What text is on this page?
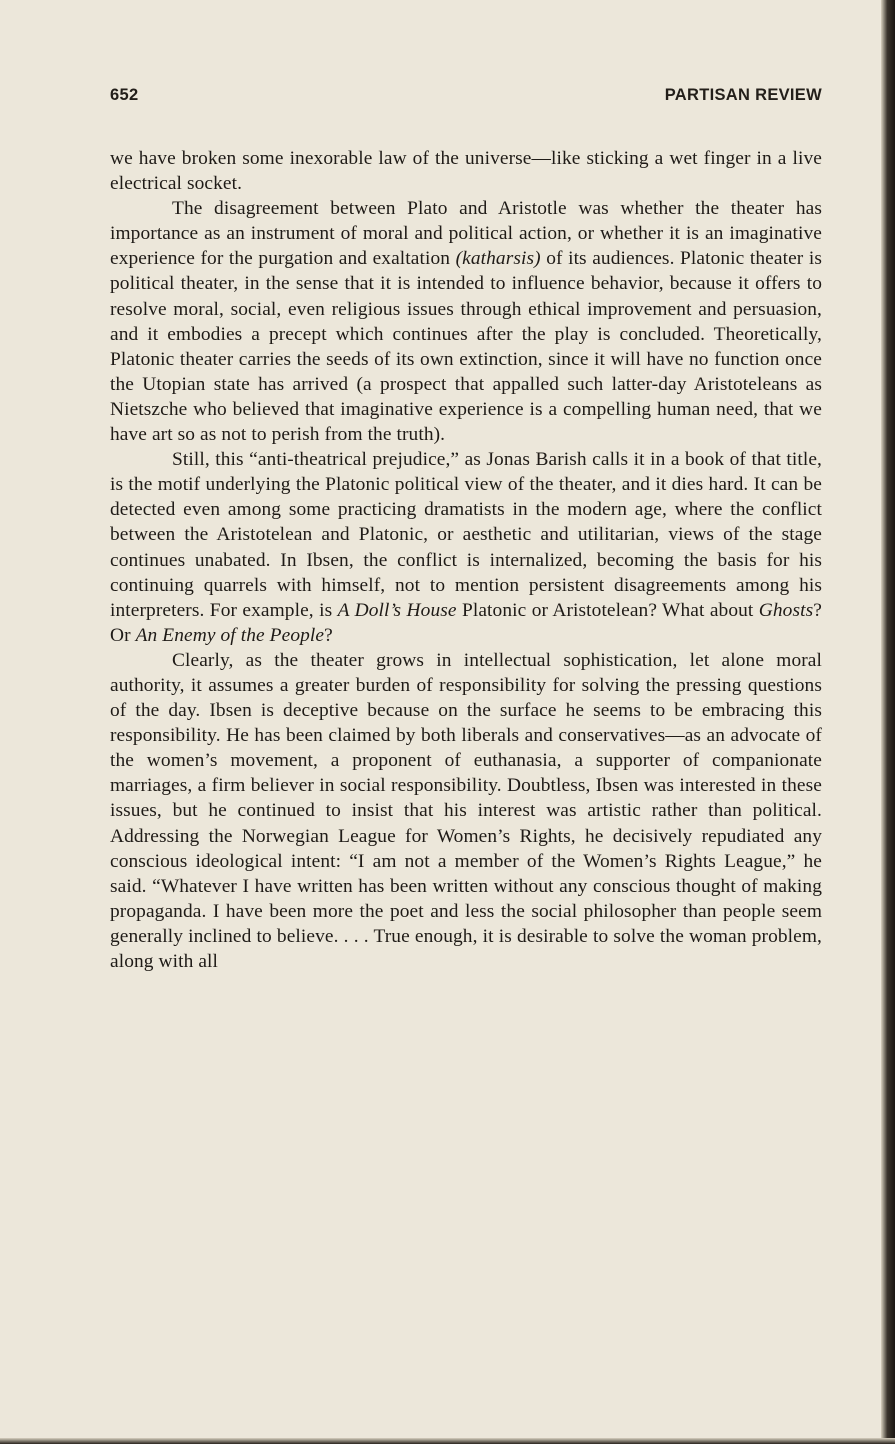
652	PARTISAN REVIEW

we have broken some inexorable law of the universe—like sticking a wet finger in a live electrical socket.

The disagreement between Plato and Aristotle was whether the theater has importance as an instrument of moral and political action, or whether it is an imaginative experience for the purgation and exaltation (katharsis) of its audiences. Platonic theater is political theater, in the sense that it is intended to influence behavior, because it offers to resolve moral, social, even religious issues through ethical improvement and persuasion, and it embodies a precept which continues after the play is concluded. Theoretically, Platonic theater carries the seeds of its own extinction, since it will have no function once the Utopian state has arrived (a prospect that appalled such latter-day Aristoteleans as Nietszche who believed that imaginative experience is a compelling human need, that we have art so as not to perish from the truth).

Still, this “anti-theatrical prejudice,” as Jonas Barish calls it in a book of that title, is the motif underlying the Platonic political view of the theater, and it dies hard. It can be detected even among some practicing dramatists in the modern age, where the conflict between the Aristotelean and Platonic, or aesthetic and utilitarian, views of the stage continues unabated. In Ibsen, the conflict is internalized, becoming the basis for his continuing quarrels with himself, not to mention persistent disagreements among his interpreters. For example, is A Doll’s House Platonic or Aristotelean? What about Ghosts? Or An Enemy of the People?

Clearly, as the theater grows in intellectual sophistication, let alone moral authority, it assumes a greater burden of responsibility for solving the pressing questions of the day. Ibsen is deceptive because on the surface he seems to be embracing this responsibility. He has been claimed by both liberals and conservatives—as an advocate of the women’s movement, a proponent of euthanasia, a supporter of companionate marriages, a firm believer in social responsibility. Doubtless, Ibsen was interested in these issues, but he continued to insist that his interest was artistic rather than political. Addressing the Norwegian League for Women’s Rights, he decisively repudiated any conscious ideological intent: “I am not a member of the Women’s Rights League,” he said. “Whatever I have written has been written without any conscious thought of making propaganda. I have been more the poet and less the social philosopher than people seem generally inclined to believe. . . . True enough, it is desirable to solve the woman problem, along with all
